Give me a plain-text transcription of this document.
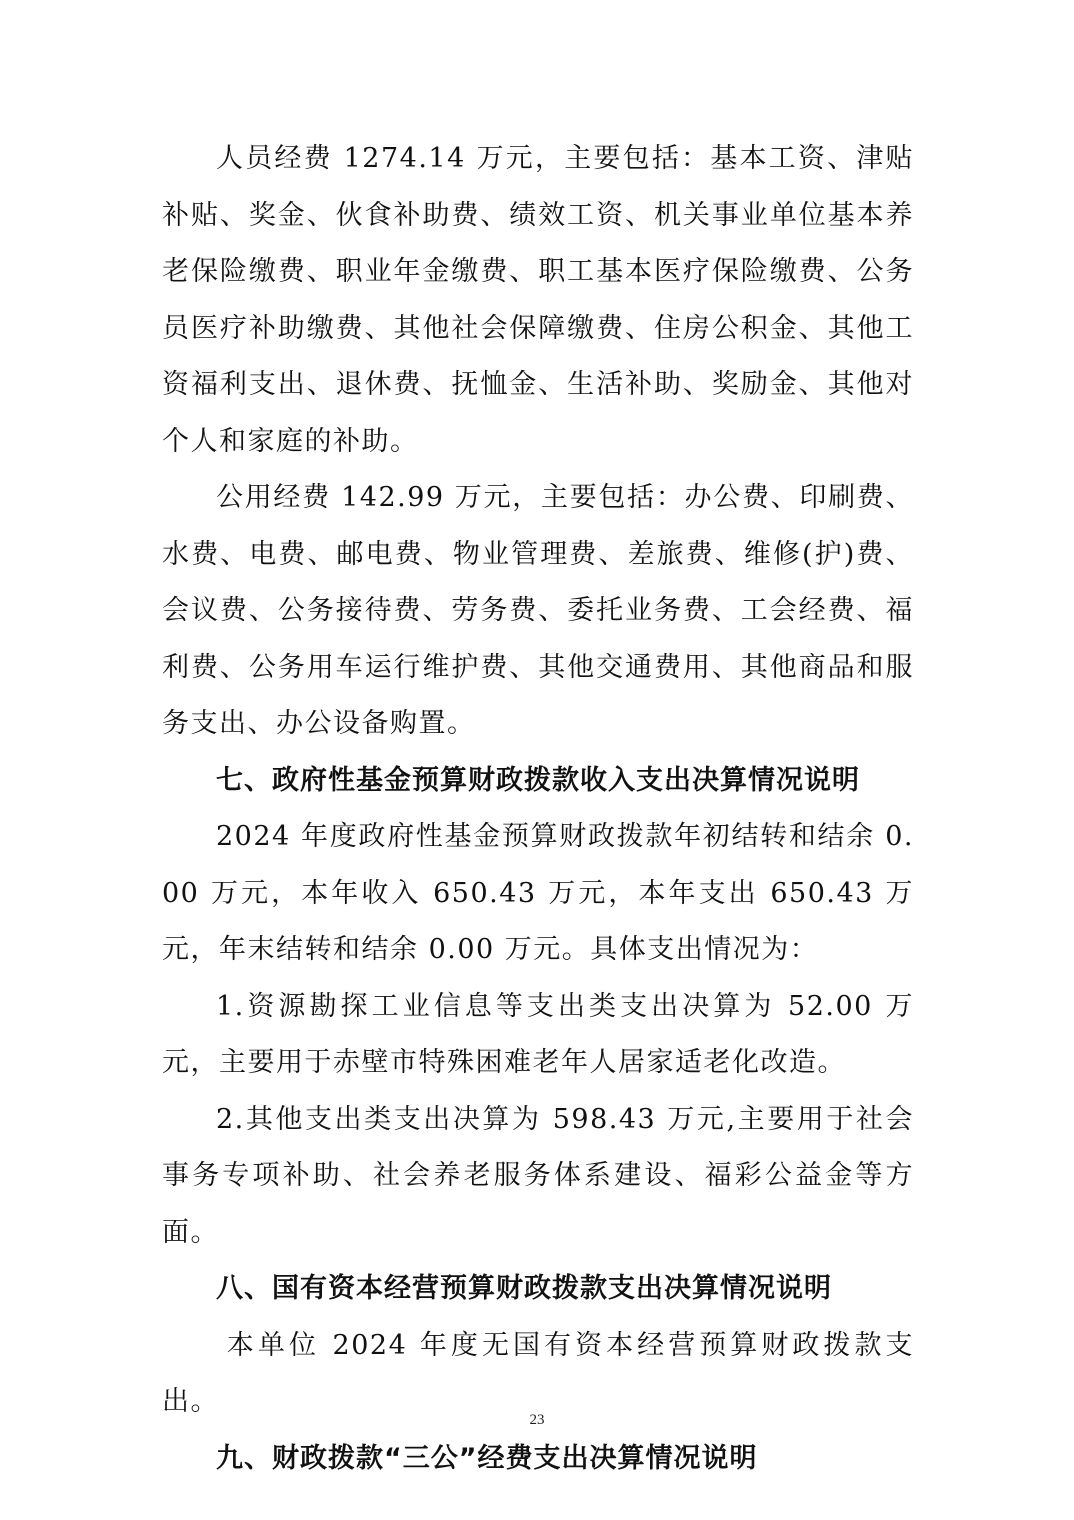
人员经费 1274.14 万元，主要包括：基本工资、津贴补贴、奖金、伙食补助费、绩效工资、机关事业单位基本养老保险缴费、职业年金缴费、职工基本医疗保险缴费、公务员医疗补助缴费、其他社会保障缴费、住房公积金、其他工资福利支出、退休费、抚恤金、生活补助、奖励金、其他对个人和家庭的补助。

公用经费 142.99 万元，主要包括：办公费、印刷费、水费、电费、邮电费、物业管理费、差旅费、维修(护)费、会议费、公务接待费、劳务费、委托业务费、工会经费、福利费、公务用车运行维护费、其他交通费用、其他商品和服务支出、办公设备购置。

七、政府性基金预算财政拨款收入支出决算情况说明

2024 年度政府性基金预算财政拨款年初结转和结余 0.00 万元，本年收入 650.43 万元，本年支出 650.43 万元，年末结转和结余 0.00 万元。具体支出情况为：

1.资源勘探工业信息等支出类支出决算为 52.00 万元，主要用于赤壁市特殊困难老年人居家适老化改造。

2.其他支出类支出决算为 598.43 万元,主要用于社会事务专项补助、社会养老服务体系建设、福彩公益金等方面。

八、国有资本经营预算财政拨款支出决算情况说明

本单位 2024 年度无国有资本经营预算财政拨款支出。

九、财政拨款“三公”经费支出决算情况说明

23
